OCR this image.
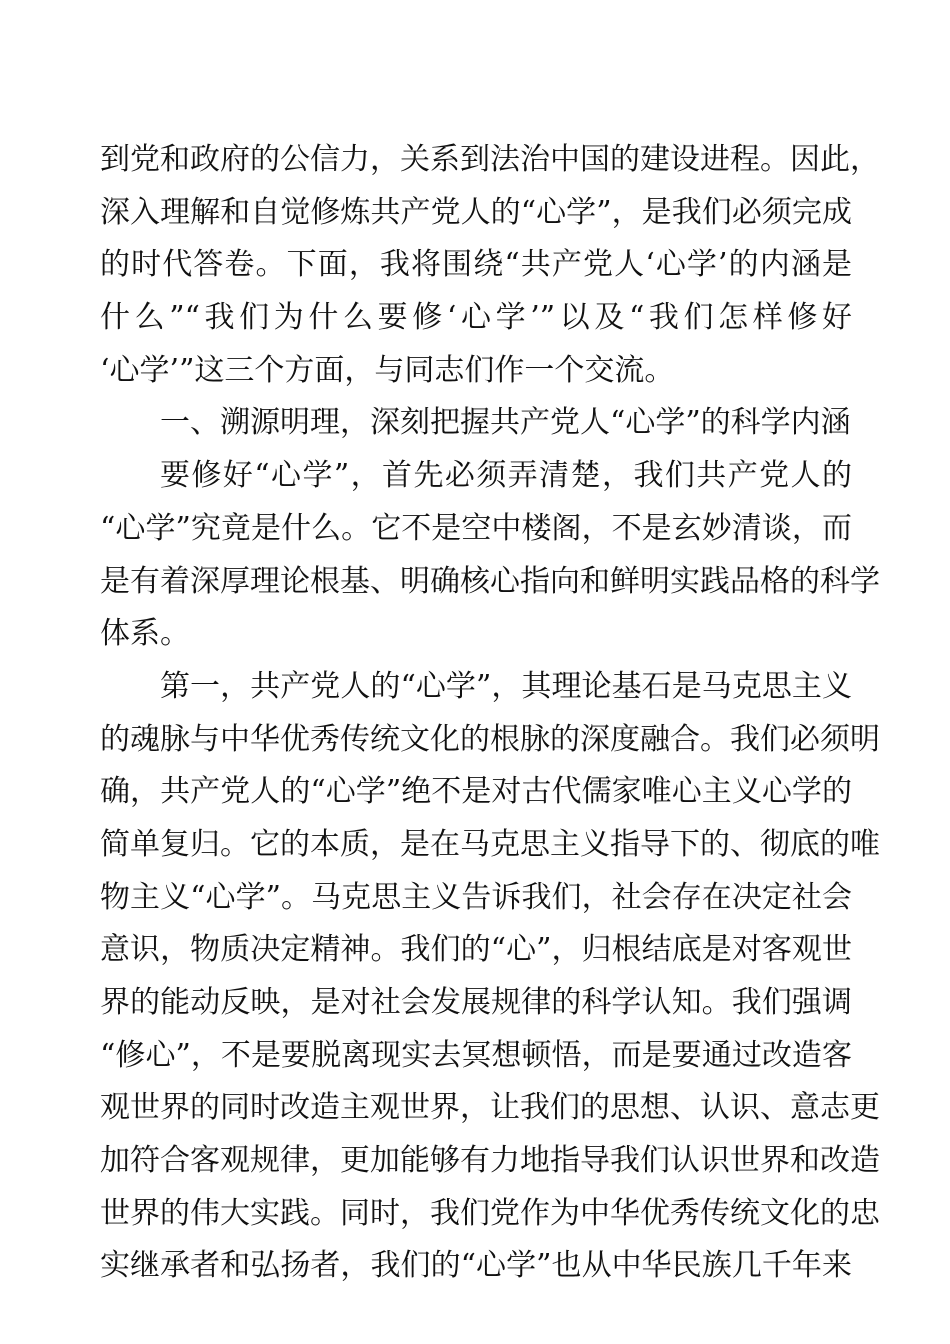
到党和政府的公信力，关系到法治中国的建设进程。因此，
深入理解和自觉修炼共产党人的“心学”，是我们必须完成
的时代答卷。下面，我将围绕“共产党人‘心学’的内涵是
什么”“我们为什么要修‘心学’”以及“我们怎样修好
‘心学’”这三个方面，与同志们作一个交流。
一、溯源明理，深刻把握共产党人“心学”的科学内涵
要修好“心学”，首先必须弄清楚，我们共产党人的
“心学”究竟是什么。它不是空中楼阁，不是玄妙清谈，而
是有着深厚理论根基、明确核心指向和鲜明实践品格的科学
体系。
第一，共产党人的“心学”，其理论基石是马克思主义
的魂脉与中华优秀传统文化的根脉的深度融合。我们必须明
确，共产党人的“心学”绝不是对古代儒家唯心主义心学的
简单复归。它的本质，是在马克思主义指导下的、彻底的唯
物主义“心学”。马克思主义告诉我们，社会存在决定社会
意识，物质决定精神。我们的“心”，归根结底是对客观世
界的能动反映，是对社会发展规律的科学认知。我们强调
“修心”，不是要脱离现实去冥想顿悟，而是要通过改造客
观世界的同时改造主观世界，让我们的思想、认识、意志更
加符合客观规律，更加能够有力地指导我们认识世界和改造
世界的伟大实践。同时，我们党作为中华优秀传统文化的忠
实继承者和弘扬者，我们的“心学”也从中华民族几千年来
